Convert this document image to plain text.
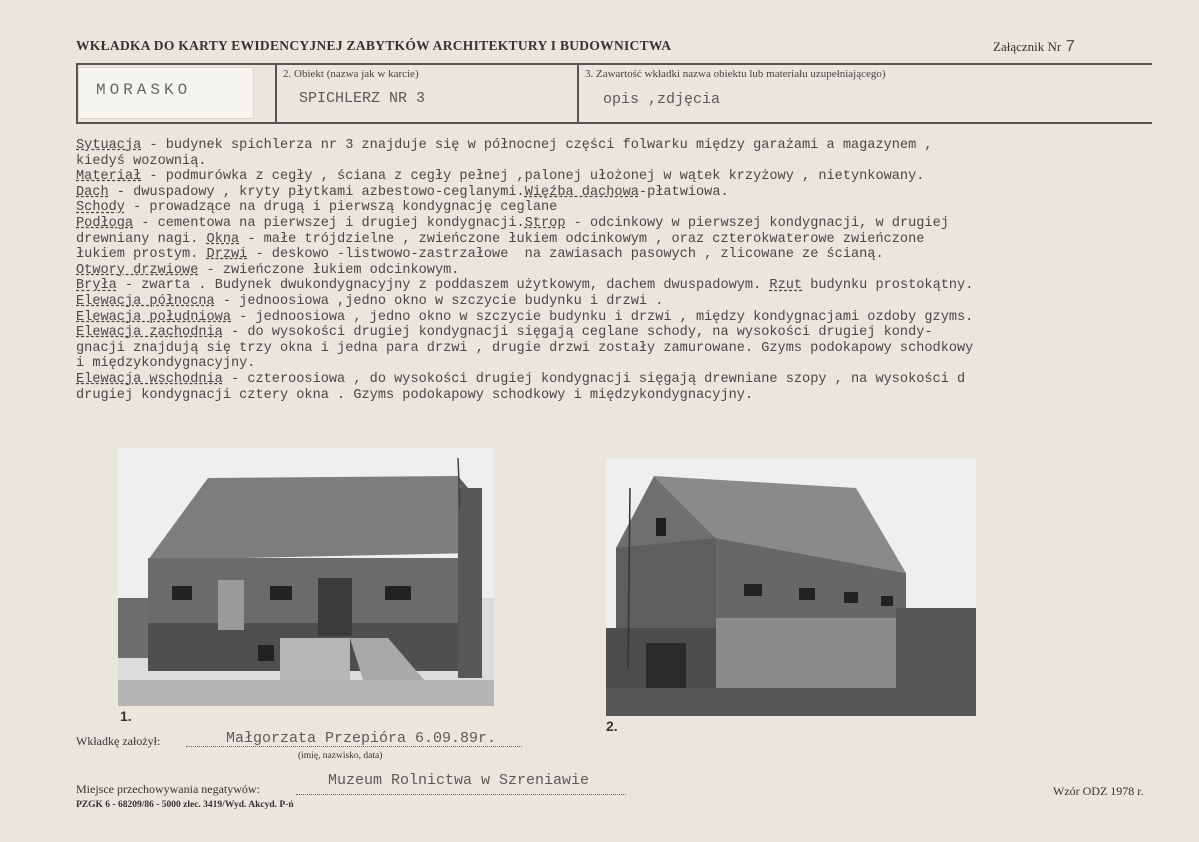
WKŁADKA DO KARTY EWIDENCYJNEJ ZABYTKÓW ARCHITEKTURY I BUDOWNICTWA	Załącznik Nr 7
MORASKO
2. Obiekt (nazwa jak w karcie)
SPICHLERZ NR 3
3. Zawartość wkładki nazwa obiektu lub materiału uzupełniającego)
opis ,zdjęcia
Sytuacja - budynek spichlerza nr 3 znajduje się w północnej części folwarku między garażami a magazynem ,
kiedyś wozownią.
Materiał - podmurówka z cegły , ściana z cegły pełnej ,palonej ułożonej w wątek krzyżowy , nietynkowany.
Dach - dwuspadowy , kryty płytkami azbestowo-ceglanymi.Więźba dachowa-płatwiowa.
Schody - prowadzące na drugą i pierwszą kondygnację ceglane
Podłoga - cementowa na pierwszej i drugiej kondygnacji.Strop - odcinkowy w pierwszej kondygnacji, w drugiej
drewniany nagi. Okna - małe trójdzielne , zwieńczone łukiem odcinkowym , oraz czterokwaterowe zwieńczone
łukiem prostym. Drzwi - deskowo -listwowo-zastrzałowe  na zawiasach pasowych , zlicowane ze ścianą.
Otwory drzwiowe - zwieńczone łukiem odcinkowym.
Bryła - zwarta . Budynek dwukondygnacyjny z poddaszem użytkowym, dachem dwuspadowym. Rzut budynku prostokątny.
Elewacja północna - jednoosiowa ,jedno okno w szczycie budynku i drzwi .
Elewacja południowa - jednoosiowa , jedno okno w szczycie budynku i drzwi , między kondygnacjami ozdoby gzyms.
Elewacja zachodnia - do wysokości drugiej kondygnacji sięgają ceglane schody, na wysokości drugiej kondy-
gnacji znajdują się trzy okna i jedna para drzwi , drugie drzwi zostały zamurowane. Gzyms podokapowy schodkowy
i międzykondygnacyjny.
Elewacja wschodnia - czteroosiowa , do wysokości drugiej kondygnacji sięgają drewniane szopy , na wysokości d
drugiej kondygnacji cztery okna . Gzyms podokapowy schodkowy i międzykondygnacyjny.
1.
2.
Wkładkę założył:	Małgorzata Przepióra 6.09.89r.
(imię, nazwisko, data)
Miejsce przechowywania negatywów:	Muzeum Rolnictwa w Szreniawie
PZGK 6 - 68209/86 - 5000 zlec. 3419/Wyd. Akcyd. P-ń
Wzór ODZ 1978 r.
